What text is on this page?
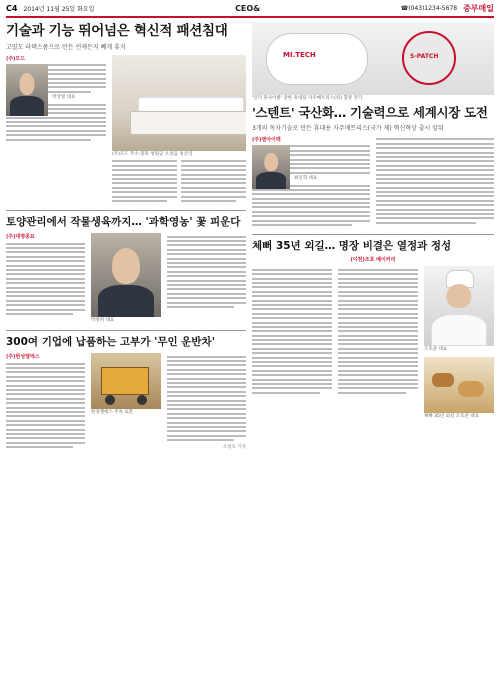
C4 2014년 11월 25일 화요일	CEO&	☎(043)1234-5678 중부매일
기술과 기능 뛰어넘은 혁신적 패션침대
고밀도 라텍스폼으로 만든 언제든지 빼게 휴식
(주)모드
박상열 대표
(주)모드 주소:충북 청원군 오창읍 성산리
토양관리에서 작물생육까지… '과학영농' 꽃 피운다
(주)대명종묘
박정희 대표
300여 기업에 납품하는 고부가 '무인 운반차'
(주)현성엘에스
현성엘에스 주차 로봇
오창호 기자
MI.TECH	S-PATCH
'인덕 휴사이클' 장한 휴대용 자주매트리스(위) 혈관 전기.
'스텐트' 국산화… 기술력으로 세계시장 도전
3개의 독자기술로 만든 휴대용 자주매트리스(국가 제) 혁신혁상 출시 앞둬
(주)엠아이텍
최인혁 대표
체뻐 35년 외길… 명장 비결은 열정과 정성
(이천)조호 베이커리
조호준 대표
체뻐 35년 외길 조호준 대표
